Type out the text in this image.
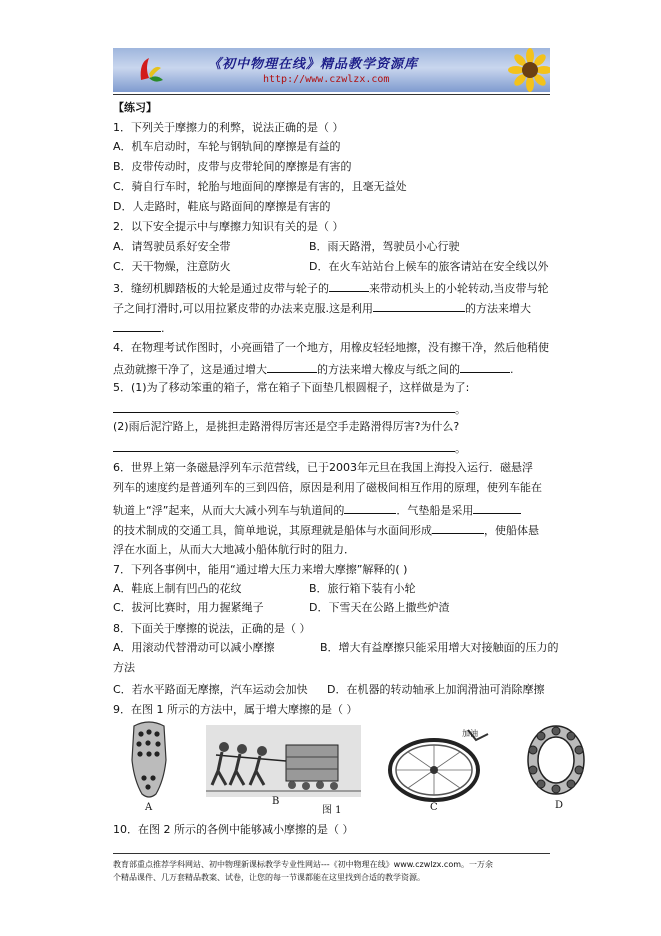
《初中物理在线》精品教学资源库
http://www.czwlzx.com
【练习】
1．下列关于摩擦力的利弊，说法正确的是（ ）
A．机车启动时，车轮与钢轨间的摩擦是有益的
B．皮带传动时，皮带与皮带轮间的摩擦是有害的
C．骑自行车时，轮胎与地面间的摩擦是有害的，且毫无益处
D．人走路时，鞋底与路面间的摩擦是有害的
2．以下安全提示中与摩擦力知识有关的是（ ）
A．请驾驶员系好安全带	B．雨天路滑，驾驶员小心行驶
C．天干物燥，注意防火	D．在火车站站台上候车的旅客请站在安全线以外
3．缝纫机脚踏板的大轮是通过皮带与轮子的	来带动机头上的小轮转动,当皮带与轮
子之间打滑时,可以用拉紧皮带的办法来克服.这是利用	的方法来增大
.
4．在物理考试作图时，小亮画错了一个地方，用橡皮轻轻地擦，没有擦干净，然后他稍使
点劲就擦干净了，这是通过增大	的方法来增大橡皮与纸之间的	.
5．(1)为了移动笨重的箱子，常在箱子下面垫几根圆棍子，这样做是为了:
。
(2)雨后泥泞路上，是挑担走路滑得厉害还是空手走路滑得厉害?为什么?
。
6．世界上第一条磁悬浮列车示范营线，已于2003年元旦在我国上海投入运行．磁悬浮
列车的速度约是普通列车的三到四倍，原因是利用了磁极间相互作用的原理，使列车能在
轨道上“浮”起来，从而大大减小列车与轨道间的	．气垫船是采用
的技术制成的交通工具，简单地说，其原理就是船体与水面间形成	，使船体悬
浮在水面上，从而大大地减小船体航行时的阻力．
7．下列各事例中，能用“通过增大压力来增大摩擦”解释的( )
A．鞋底上制有凹凸的花纹	B．旅行箱下装有小轮
C．拔河比赛时，用力握紧绳子	D．下雪天在公路上撒些炉渣
8．下面关于摩擦的说法，正确的是（ ）
A．用滚动代替滑动可以减小摩擦	B．增大有益摩擦只能采用增大对接触面的压力的
方法
C．若水平路面无摩擦，汽车运动会加快 D．在机器的转动轴承上加润滑油可消除摩擦
9．在图 1 所示的方法中，属于增大摩擦的是（ ）
A
B
图 1
加油
C	D
10．在图 2 所示的各例中能够减小摩擦的是（ ）
教育部重点推荐学科网站、初中物理新课标教学专业性网站---《初中物理在线》www.czwlzx.com。一万余
个精品课件、几万套精品教案、试卷，让您的每一节课都能在这里找到合适的教学资源。
